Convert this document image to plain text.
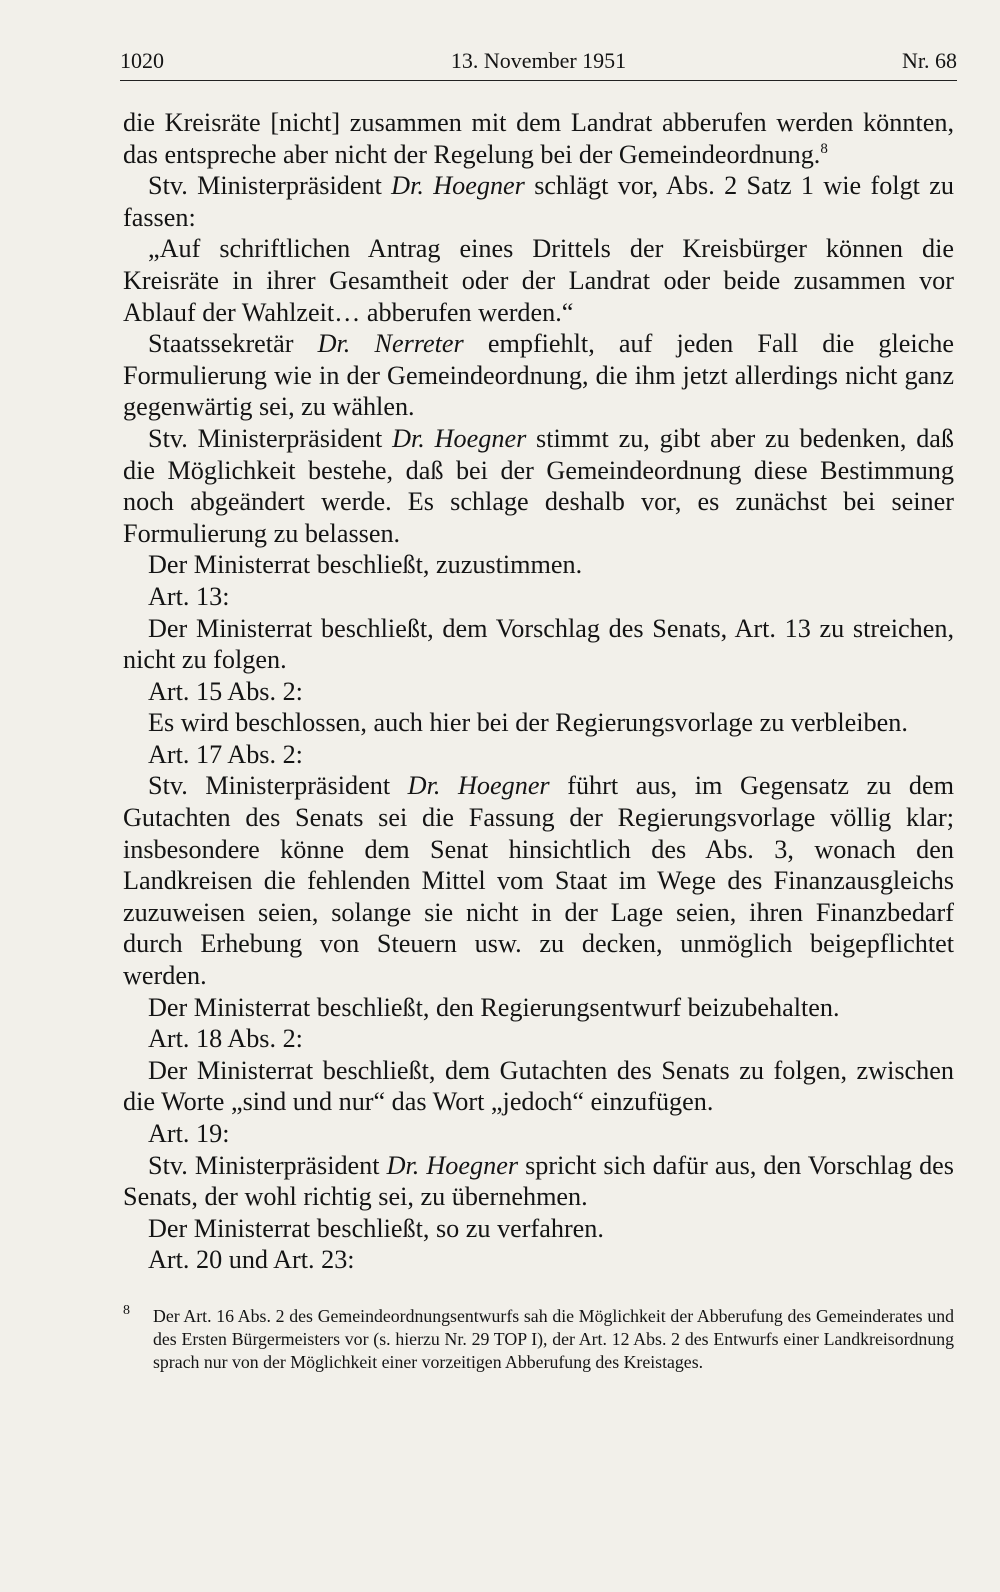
1020	13. November 1951	Nr. 68

die Kreisräte [nicht] zusammen mit dem Landrat abberufen werden könnten, das entspreche aber nicht der Regelung bei der Gemeindeordnung.$^8$

Stv. Ministerpräsident Dr. Hoegner schlägt vor, Abs. 2 Satz 1 wie folgt zu fassen:

„Auf schriftlichen Antrag eines Drittels der Kreisbürger können die Kreisräte in ihrer Gesamtheit oder der Landrat oder beide zusammen vor Ablauf der Wahlzeit… abberufen werden.“

Staatssekretär Dr. Nerreter empfiehlt, auf jeden Fall die gleiche Formulierung wie in der Gemeindeordnung, die ihm jetzt allerdings nicht ganz gegenwärtig sei, zu wählen.

Stv. Ministerpräsident Dr. Hoegner stimmt zu, gibt aber zu bedenken, daß die Möglichkeit bestehe, daß bei der Gemeindeordnung diese Bestimmung noch abgeändert werde. Es schlage deshalb vor, es zunächst bei seiner Formulierung zu belassen.

Der Ministerrat beschließt, zuzustimmen.

Art. 13:

Der Ministerrat beschließt, dem Vorschlag des Senats, Art. 13 zu streichen, nicht zu folgen.

Art. 15 Abs. 2:

Es wird beschlossen, auch hier bei der Regierungsvorlage zu verbleiben.

Art. 17 Abs. 2:

Stv. Ministerpräsident Dr. Hoegner führt aus, im Gegensatz zu dem Gutachten des Senats sei die Fassung der Regierungsvorlage völlig klar; insbesondere könne dem Senat hinsichtlich des Abs. 3, wonach den Landkreisen die fehlenden Mittel vom Staat im Wege des Finanzausgleichs zuzuweisen seien, solange sie nicht in der Lage seien, ihren Finanzbedarf durch Erhebung von Steuern usw. zu decken, unmöglich beigepflichtet werden.

Der Ministerrat beschließt, den Regierungsentwurf beizubehalten.

Art. 18 Abs. 2:

Der Ministerrat beschließt, dem Gutachten des Senats zu folgen, zwischen die Worte „sind und nur“ das Wort „jedoch“ einzufügen.

Art. 19:

Stv. Ministerpräsident Dr. Hoegner spricht sich dafür aus, den Vorschlag des Senats, der wohl richtig sei, zu übernehmen.

Der Ministerrat beschließt, so zu verfahren.

Art. 20 und Art. 23:

8 Der Art. 16 Abs. 2 des Gemeindeordnungsentwurfs sah die Möglichkeit der Abberufung des Gemeinderates und des Ersten Bürgermeisters vor (s. hierzu Nr. 29 TOP I), der Art. 12 Abs. 2 des Entwurfs einer Landkreisordnung sprach nur von der Möglichkeit einer vorzeitigen Abberufung des Kreistages.
